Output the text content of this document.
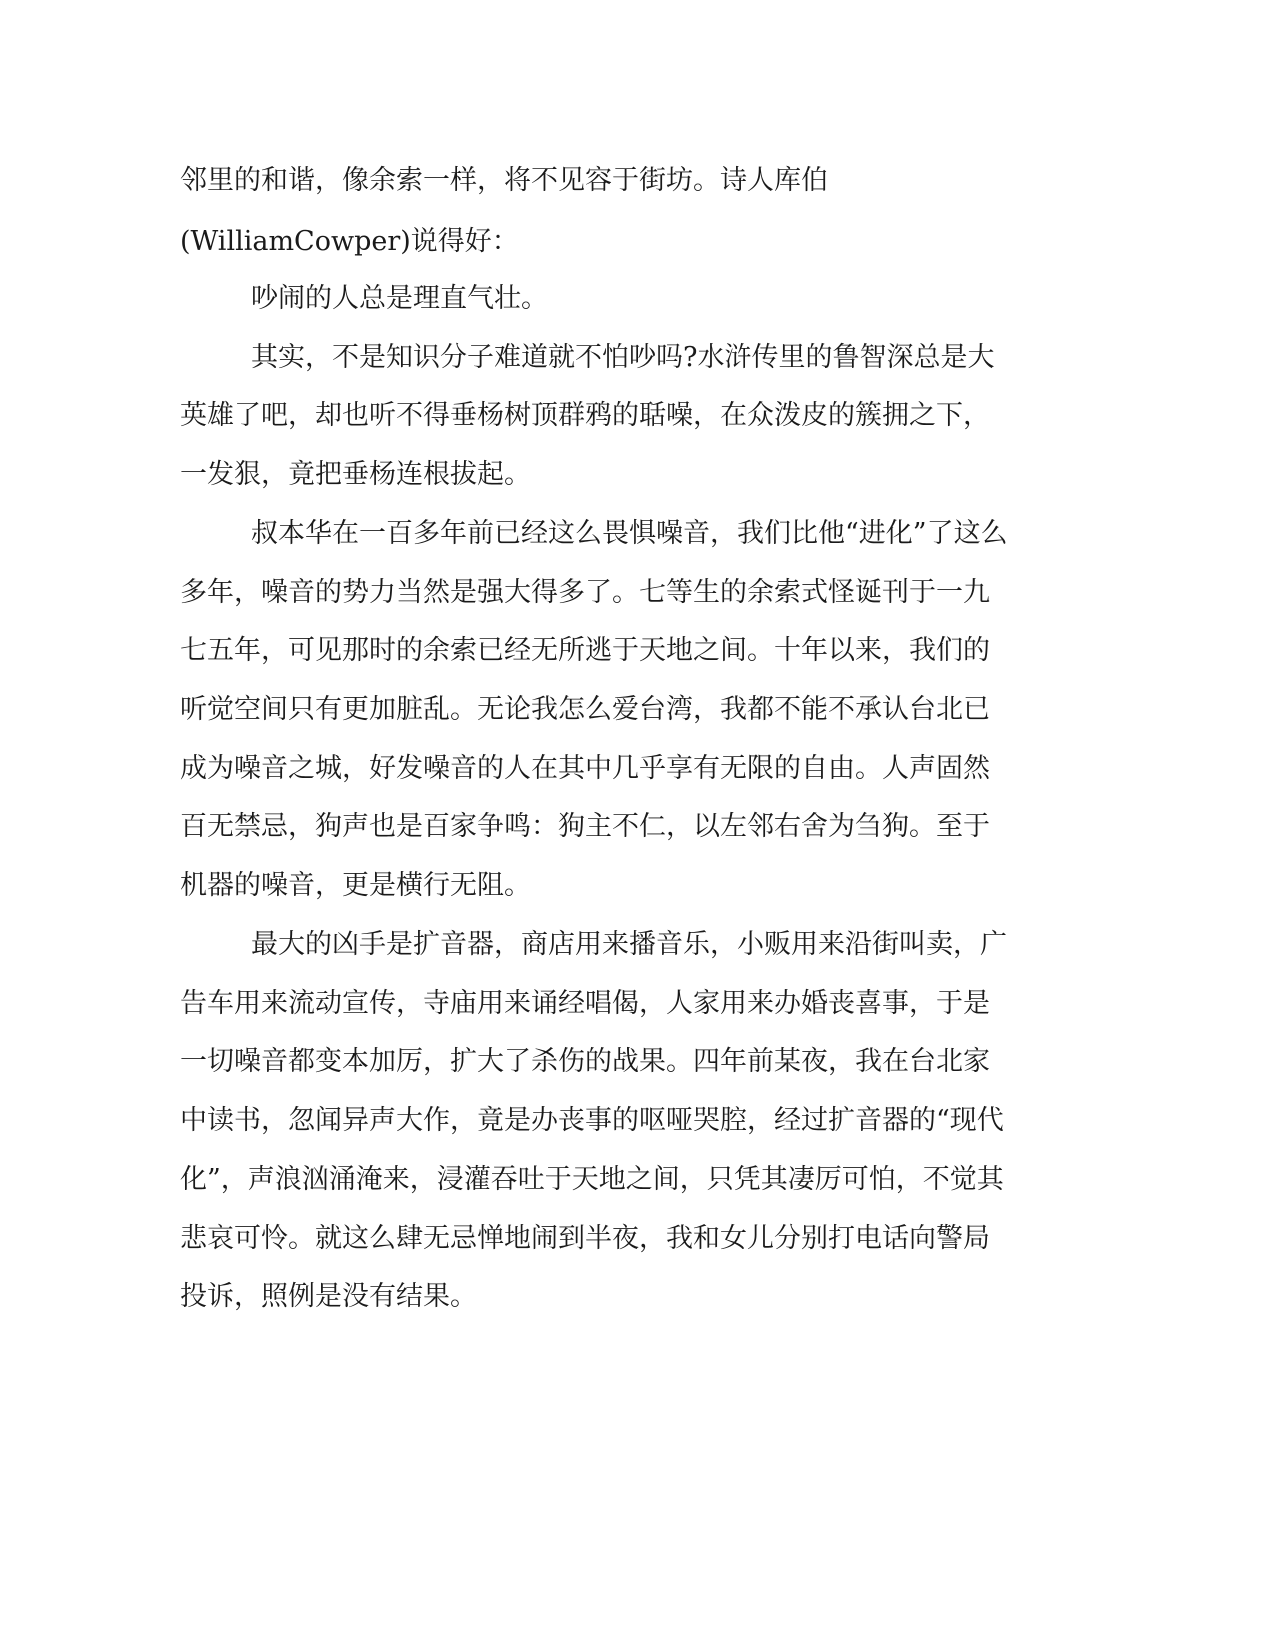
邻里的和谐，像余索一样，将不见容于街坊。诗人库伯
(WilliamCowper)说得好：
吵闹的人总是理直气壮。
其实，不是知识分子难道就不怕吵吗?水浒传里的鲁智深总是大
英雄了吧，却也听不得垂杨树顶群鸦的聒噪，在众泼皮的簇拥之下，
一发狠，竟把垂杨连根拔起。
叔本华在一百多年前已经这么畏惧噪音，我们比他“进化”了这么
多年，噪音的势力当然是强大得多了。七等生的余索式怪诞刊于一九
七五年，可见那时的余索已经无所逃于天地之间。十年以来，我们的
听觉空间只有更加脏乱。无论我怎么爱台湾，我都不能不承认台北已
成为噪音之城，好发噪音的人在其中几乎享有无限的自由。人声固然
百无禁忌，狗声也是百家争鸣：狗主不仁，以左邻右舍为刍狗。至于
机器的噪音，更是横行无阻。
最大的凶手是扩音器，商店用来播音乐，小贩用来沿街叫卖，广
告车用来流动宣传，寺庙用来诵经唱偈，人家用来办婚丧喜事，于是
一切噪音都变本加厉，扩大了杀伤的战果。四年前某夜，我在台北家
中读书，忽闻异声大作，竟是办丧事的呕哑哭腔，经过扩音器的“现代
化”，声浪汹涌淹来，浸灌吞吐于天地之间，只凭其凄厉可怕，不觉其
悲哀可怜。就这么肆无忌惮地闹到半夜，我和女儿分别打电话向警局
投诉，照例是没有结果。
